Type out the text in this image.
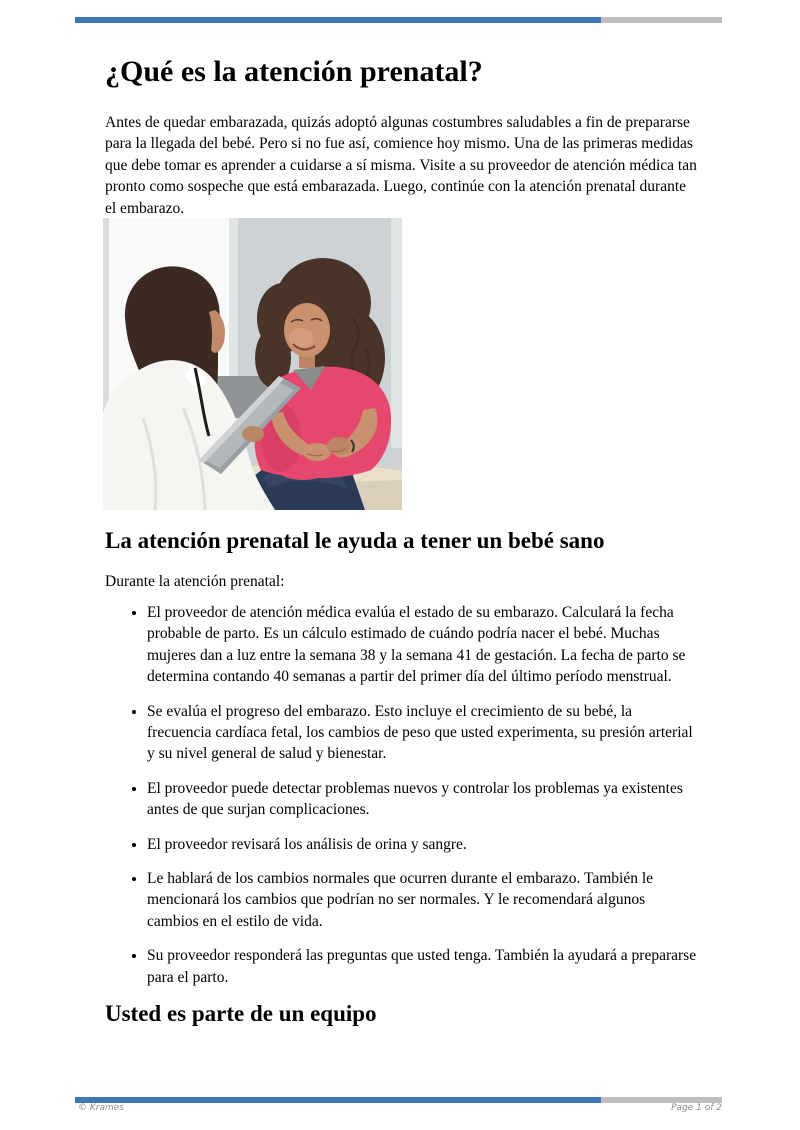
¿Qué es la atención prenatal?

Antes de quedar embarazada, quizás adoptó algunas costumbres saludables a fin de prepararse para la llegada del bebé. Pero si no fue así, comience hoy mismo. Una de las primeras medidas que debe tomar es aprender a cuidarse a sí misma. Visite a su proveedor de atención médica tan pronto como sospeche que está embarazada. Luego, continúe con la atención prenatal durante el embarazo.

La atención prenatal le ayuda a tener un bebé sano

Durante la atención prenatal:

• El proveedor de atención médica evalúa el estado de su embarazo. Calculará la fecha probable de parto. Es un cálculo estimado de cuándo podría nacer el bebé. Muchas mujeres dan a luz entre la semana 38 y la semana 41 de gestación. La fecha de parto se determina contando 40 semanas a partir del primer día del último período menstrual.
• Se evalúa el progreso del embarazo. Esto incluye el crecimiento de su bebé, la frecuencia cardíaca fetal, los cambios de peso que usted experimenta, su presión arterial y su nivel general de salud y bienestar.
• El proveedor puede detectar problemas nuevos y controlar los problemas ya existentes antes de que surjan complicaciones.
• El proveedor revisará los análisis de orina y sangre.
• Le hablará de los cambios normales que ocurren durante el embarazo. También le mencionará los cambios que podrían no ser normales. Y le recomendará algunos cambios en el estilo de vida.
• Su proveedor responderá las preguntas que usted tenga. También la ayudará a prepararse para el parto.
Usted es parte de un equipo
© Krames	Page 1 of 2
